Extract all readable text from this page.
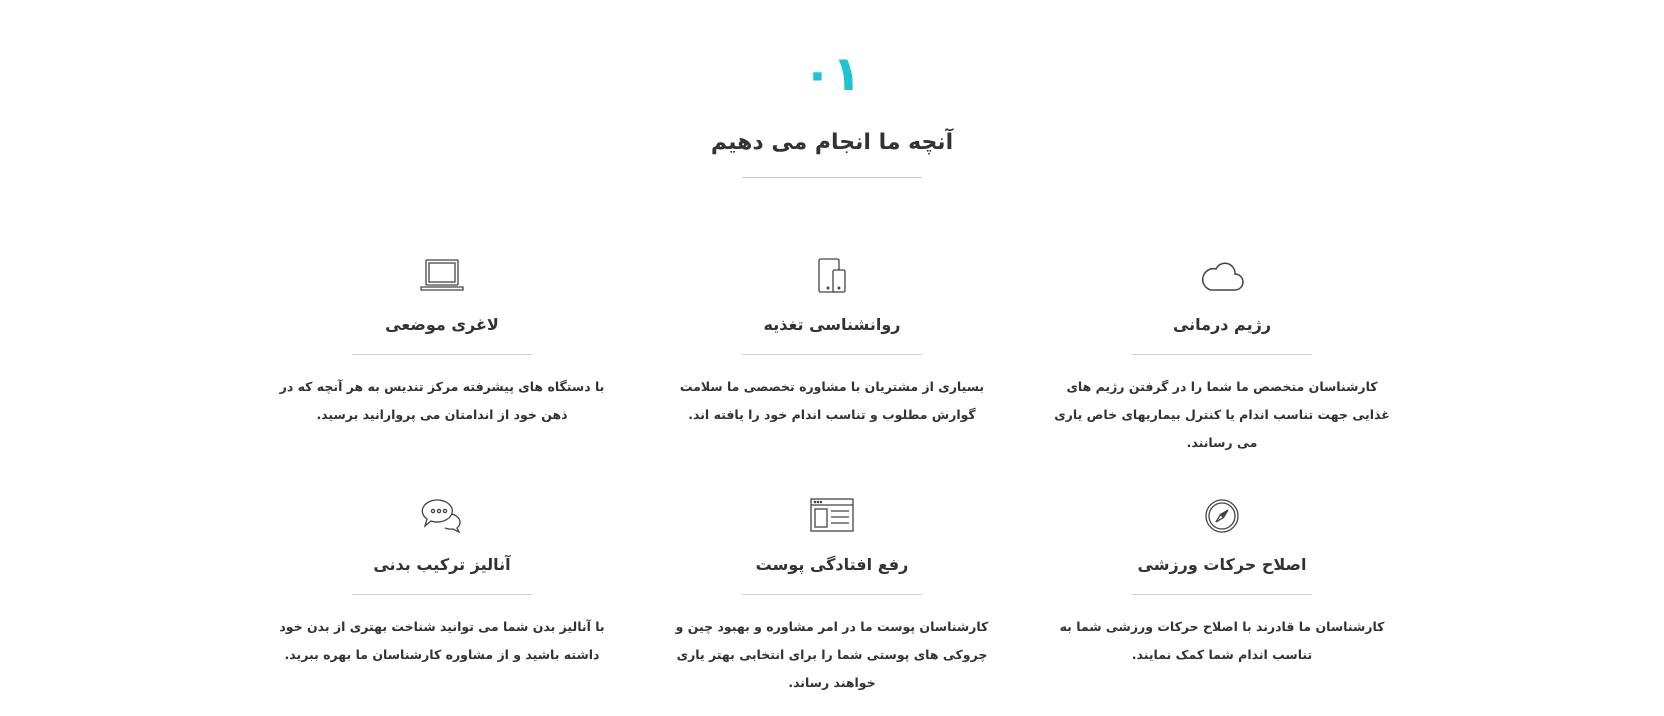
٠١
آنچه ما انجام می دهیم
رژیم درمانی

کارشناسان متخصص ما شما را در گرفتن رژیم های غذایی جهت تناسب اندام یا کنترل بیماریهای خاص یاری می رسانند.

روانشناسی تغذیه

بسیاری از مشتریان با مشاوره تخصصی ما سلامت گوارش مطلوب و تناسب اندام خود را یافته اند.

لاغری موضعی

با دستگاه های پیشرفته مرکز تندیس به هر آنچه که در ذهن خود از اندامتان می پروارانید برسید.

اصلاح حرکات ورزشی

کارشناسان ما قادرند با اصلاح حرکات ورزشی شما به تناسب اندام شما کمک نمایند.

رفع افتادگی پوست

کارشناسان پوست ما در امر مشاوره و بهبود چین و چروکی های پوستی شما را برای انتخابی بهتر یاری خواهند رساند.

آنالیز ترکیب بدنی

با آنالیز بدن شما می توانید شناخت بهتری از بدن خود داشته باشید و از مشاوره کارشناسان ما بهره ببرید.
